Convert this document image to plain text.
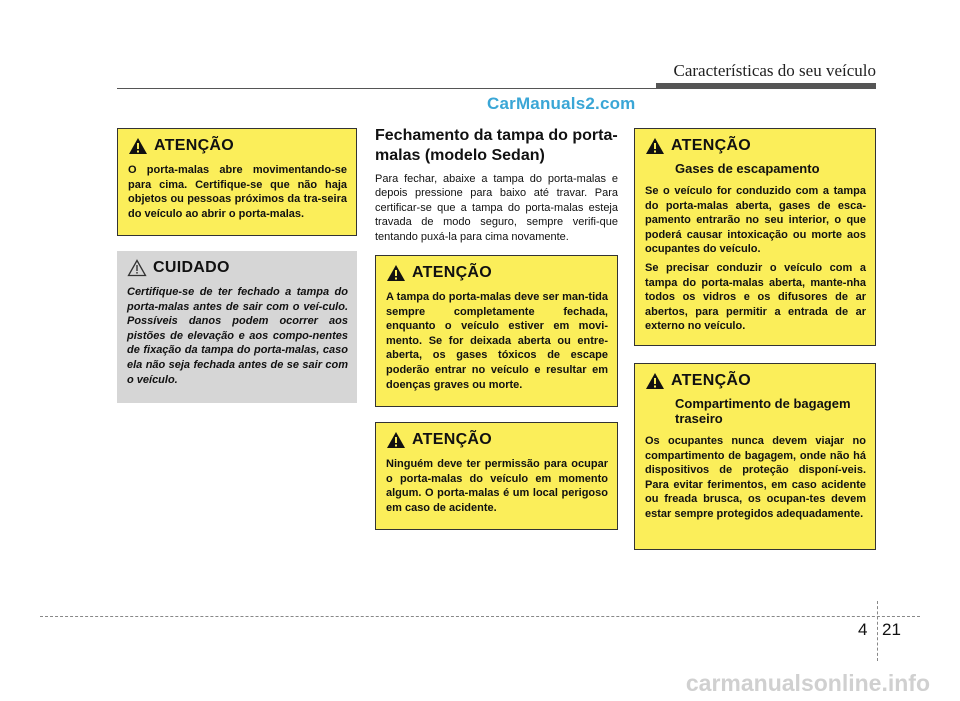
Características do seu veículo
CarManuals2.com
ATENÇÃO
O porta-malas abre movimentando-se para cima. Certifique-se que não haja objetos ou pessoas próximos da tra-seira do veículo ao abrir o porta-malas.
CUIDADO
Certifique-se de ter fechado a tampa do porta-malas antes de sair com o veí-culo. Possíveis danos podem ocorrer aos pistões de elevação e aos compo-nentes de fixação da tampa do porta-malas, caso ela não seja fechada antes de se sair com o veículo.
Fechamento da tampa do porta-malas (modelo Sedan)
Para fechar, abaixe a tampa do porta-malas e depois pressione para baixo até travar. Para certificar-se que a tampa do porta-malas esteja travada de modo seguro, sempre verifi-que tentando puxá-la para cima novamente.
ATENÇÃO
A tampa do porta-malas deve ser man-tida sempre completamente fechada, enquanto o veículo estiver em movi-mento. Se for deixada aberta ou entre-aberta, os gases tóxicos de escape poderão entrar no veículo e resultar em doenças graves ou morte.
ATENÇÃO
Ninguém deve ter permissão para ocupar o porta-malas do veículo em momento algum. O porta-malas é um local perigoso em caso de acidente.
ATENÇÃO
Gases de escapamento

Se o veículo for conduzido com a tampa do porta-malas aberta, gases de esca-pamento entrarão no seu interior, o que poderá causar intoxicação ou morte aos ocupantes do veículo.

Se precisar conduzir o veículo com a tampa do porta-malas aberta, mante-nha todos os vidros e os difusores de ar abertos, para permitir a entrada de ar externo no veículo.

ATENÇÃO
Compartimento de bagagem traseiro
Os ocupantes nunca devem viajar no compartimento de bagagem, onde não há dispositivos de proteção disponí-veis. Para evitar ferimentos, em caso acidente ou freada brusca, os ocupan-tes devem estar sempre protegidos adequadamente.
4 21
carmanualsonline.info
